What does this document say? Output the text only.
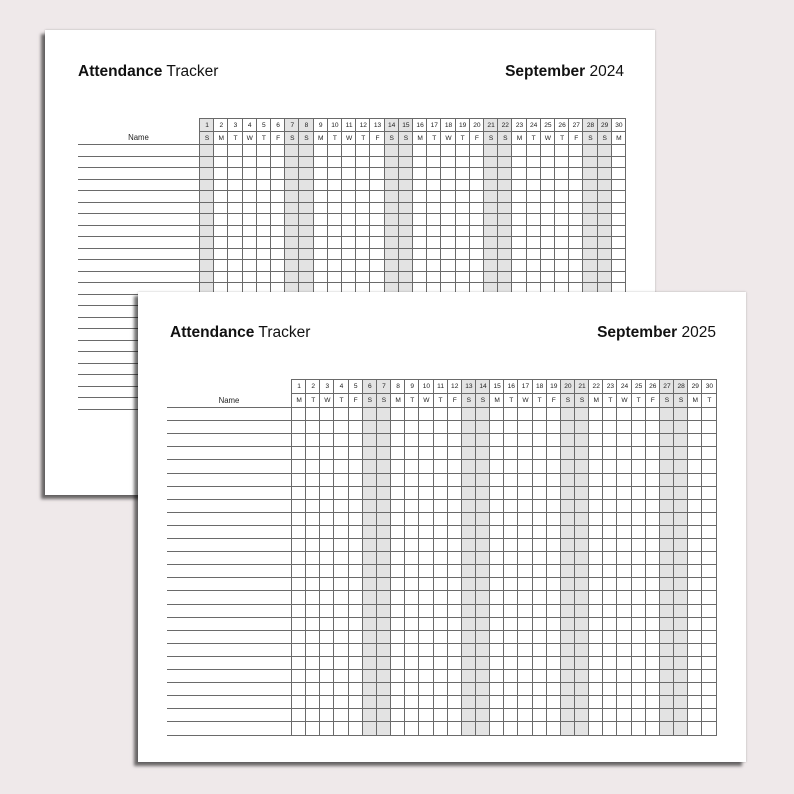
Attendance Tracker	September 2024
Name
1
S
2
M
3
T
4
W
5
T
6
F
7
S
8
S
9
M
10
T
11
W
12
T
13
F
14
S
15
S
16
M
17
T
18
W
19
T
20
F
21
S
22
S
23
M
24
T
25
W
26
T
27
F
28
S
29
S
30
M
Attendance Tracker	September 2025
Name
1
M
2
T
3
W
4
T
5
F
6
S
7
S
8
M
9
T
10
W
11
T
12
F
13
S
14
S
15
M
16
T
17
W
18
T
19
F
20
S
21
S
22
M
23
T
24
W
25
T
26
F
27
S
28
S
29
M
30
T
